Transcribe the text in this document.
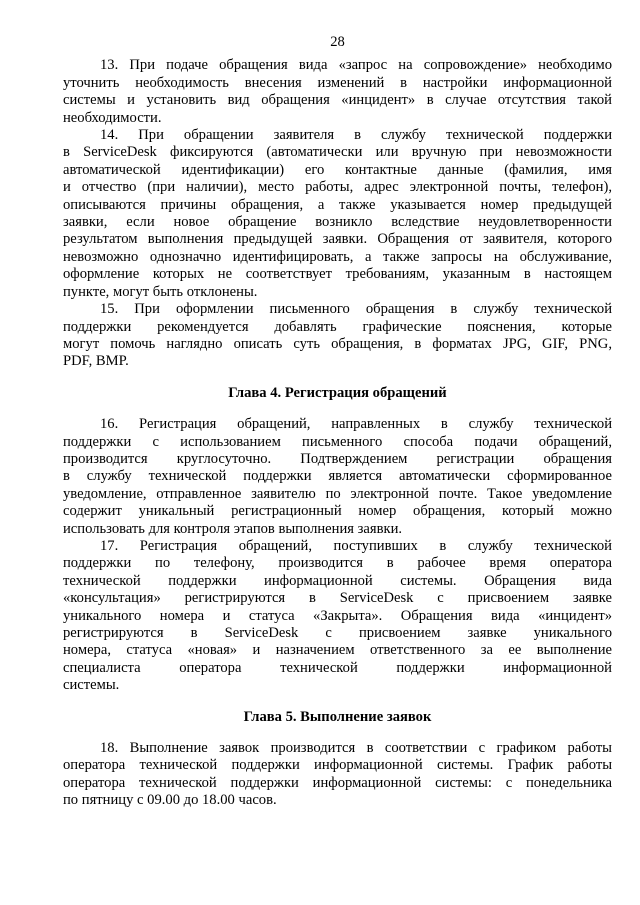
28
13. При подаче обращения вида «запрос на сопровождение» необходимо
уточнить необходимость внесения изменений в настройки информационной
системы и установить вид обращения «инцидент» в случае отсутствия такой
необходимости.
14. При обращении заявителя в службу технической поддержки
в ServiceDesk фиксируются (автоматически или вручную при невозможности
автоматической идентификации) его контактные данные (фамилия, имя
и отчество (при наличии), место работы, адрес электронной почты, телефон),
описываются причины обращения, а также указывается номер предыдущей
заявки, если новое обращение возникло вследствие неудовлетворенности
результатом выполнения предыдущей заявки. Обращения от заявителя, которого
невозможно однозначно идентифицировать, а также запросы на обслуживание,
оформление которых не соответствует требованиям, указанным в настоящем
пункте, могут быть отклонены.
15. При оформлении письменного обращения в службу технической
поддержки рекомендуется добавлять графические пояснения, которые
могут помочь наглядно описать суть обращения, в форматах JPG, GIF, PNG,
PDF, BMP.
Глава 4. Регистрация обращений
16. Регистрация обращений, направленных в службу технической
поддержки с использованием письменного способа подачи обращений,
производится круглосуточно. Подтверждением регистрации обращения
в службу технической поддержки является автоматически сформированное
уведомление, отправленное заявителю по электронной почте. Такое уведомление
содержит уникальный регистрационный номер обращения, который можно
использовать для контроля этапов выполнения заявки.
17. Регистрация обращений, поступивших в службу технической
поддержки по телефону, производится в рабочее время оператора
технической поддержки информационной системы. Обращения вида
«консультация» регистрируются в ServiceDesk с присвоением заявке
уникального номера и статуса «Закрыта». Обращения вида «инцидент»
регистрируются в ServiceDesk с присвоением заявке уникального
номера, статуса «новая» и назначением ответственного за ее выполнение
специалиста оператора технической поддержки информационной
системы.
Глава 5. Выполнение заявок
18. Выполнение заявок производится в соответствии с графиком работы
оператора технической поддержки информационной системы. График работы
оператора технической поддержки информационной системы: с понедельника
по пятницу с 09.00 до 18.00 часов.
